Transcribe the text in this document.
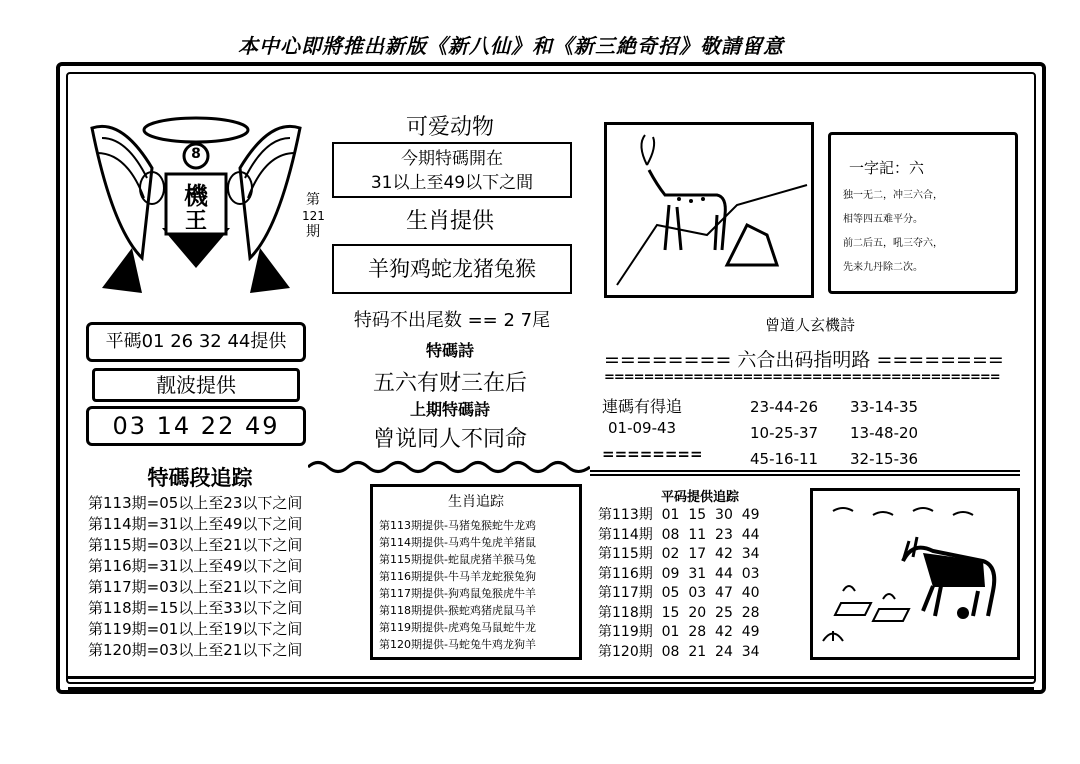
本中心即將推出新版《新八仙》和《新三絶奇招》敬請留意
8
機
王
第
121
期
平碼01 26 32 44提供
靓波提供
03 14 22 49
特碼段追踪
第113期=05以上至23以下之间
第114期=31以上至49以下之间
第115期=03以上至21以下之间
第116期=31以上至49以下之间
第117期=03以上至21以下之间
第118期=15以上至33以下之间
第119期=01以上至19以下之间
第120期=03以上至21以下之间
可爱动物
今期特碼開在
31以上至49以下之間
生肖提供
羊狗鸡蛇龙猪兔猴
特码不出尾数 == 2 7尾
特碼詩
五六有财三在后
上期特碼詩
曾说同人不同命
生肖追踪
第113期提供-马猪兔猴蛇牛龙鸡
第114期提供-马鸡牛兔虎羊猪鼠
第115期提供-蛇鼠虎猪羊猴马兔
第116期提供-牛马羊龙蛇猴兔狗
第117期提供-狗鸡鼠兔猴虎牛羊
第118期提供-猴蛇鸡猪虎鼠马羊
第119期提供-虎鸡兔马鼠蛇牛龙
第120期提供-马蛇兔牛鸡龙狗羊
一字記：六
独一无二，冲三六合，
相等四五难平分。
前二后五，吼三夺六，
先来九丹除二次。
曾道人玄機詩
======== 六合出码指明路 ========
========================================
連碼有得追
01-09-43
========
23-44-26
10-25-37
45-16-11
33-14-35
13-48-20
32-15-36
平码提供追踪
第113期  01  15  30  49
第114期  08  11  23  44
第115期  02  17  42  34
第116期  09  31  44  03
第117期  05  03  47  40
第118期  15  20  25  28
第119期  01  28  42  49
第120期  08  21  24  34
